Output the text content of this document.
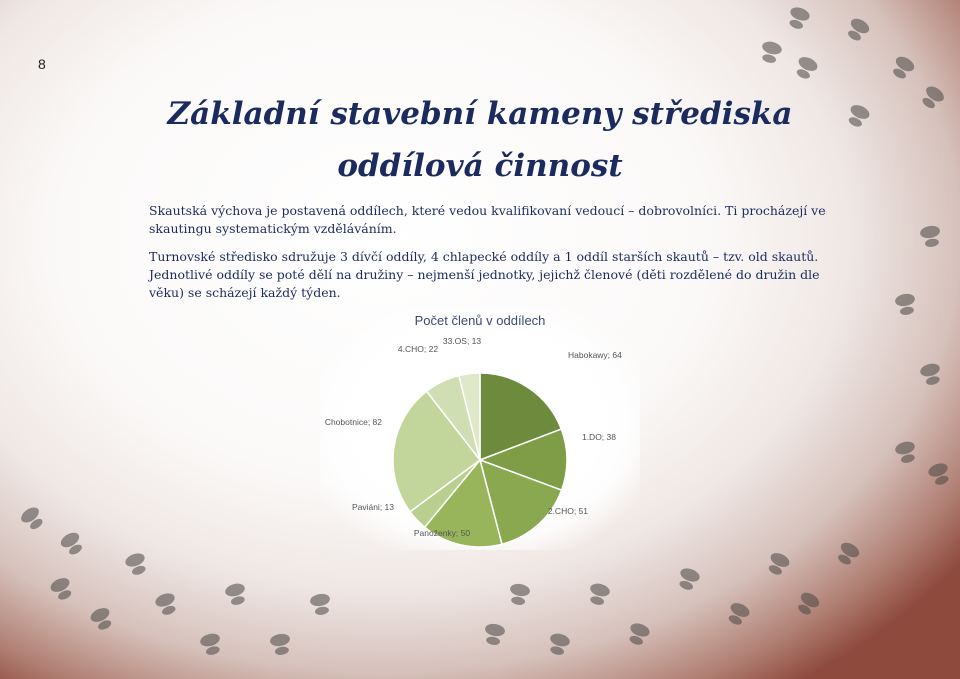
8
Základní stavební kameny střediska
oddílová činnost

Skautská výchova je postavená oddílech, které vedou kvalifikovaní vedoucí – dobrovolníci. Ti procházejí ve skautingu systematickým vzděláváním.

Turnovské středisko sdružuje 3 dívčí oddíly, 4 chlapecké oddíly a 1 oddíl starších skautů – tzv. old skautů. Jednotlivé oddíly se poté dělí na družiny – nejmenší jednotky, jejichž členové (děti rozdělené do družin dle věku) se scházejí každý týden.

Počet členů v oddílech
Habokawy; 64
1.DO; 38
2.CHO; 51
Panoženky; 50
Paviáni; 13
Chobotnice; 82
4.CHO; 22
33.OS; 13
